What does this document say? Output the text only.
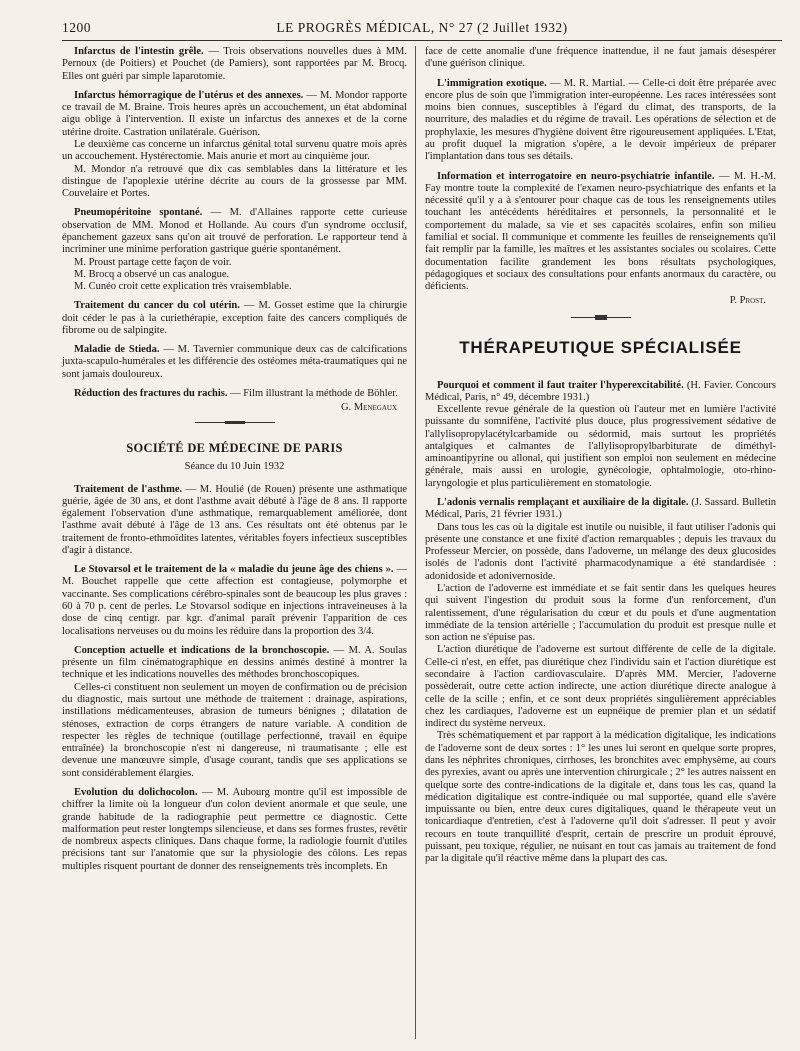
1200	LE PROGRÈS MÉDICAL, N° 27 (2 Juillet 1932)

Infarctus de l'intestin grêle. — Trois observations nouvelles dues à MM. Pernoux (de Poitiers) et Pouchet (de Pamiers), sont rapportées par M. Brocq. Elles ont guéri par simple laparotomie.

Infarctus hémorragique de l'utérus et des annexes. — M. Mondor rapporte ce travail de M. Braine. Trois heures après un accouchement, un état abdominal aigu oblige à l'intervention. Il existe un infarctus des annexes et de la corne utérine droite. Castration unilatérale. Guérison.

Le deuxième cas concerne un infarctus génital total survenu quatre mois après un accouchement. Hystérectomie. Mais anurie et mort au cinquième jour.

M. Mondor n'a retrouvé que dix cas semblables dans la littérature et les distingue de l'apoplexie utérine décrite au cours de la grossesse par MM. Couvelaire et Portes.

Pneumopéritoine spontané. — M. d'Allaines rapporte cette curieuse observation de MM. Monod et Hollande. Au cours d'un syndrome occlusif, épanchement gazeux sans qu'on ait trouvé de perforation. Le rapporteur tend à incriminer une minime perforation gastrique guérie spontanément.

M. Proust partage cette façon de voir.

M. Brocq a observé un cas analogue.

M. Cunéo croit cette explication très vraisemblable.

Traitement du cancer du col utérin. — M. Gosset estime que la chirurgie doit céder le pas à la curiethérapie, exception faite des cancers compliqués de fibrome ou de salpingite.

Maladie de Stieda. — M. Tavernier communique deux cas de calcifications juxta-scapulo-humérales et les différencie des ostéomes méta-traumatiques qui ne sont jamais douloureux.

Réduction des fractures du rachis. — Film illustrant la méthode de Böhler.

G. Menegaux
SOCIÉTÉ DE MÉDECINE DE PARIS
Séance du 10 Juin 1932

Traitement de l'asthme. — M. Houlié (de Rouen) présente une asthmatique guérie, âgée de 30 ans, et dont l'asthme avait débuté à l'âge de 8 ans. Il rapporte également l'observation d'une asthmatique, remarquablement améliorée, dont l'asthme avait débuté à l'âge de 13 ans. Ces résultats ont été obtenus par le traitement de fronto-ethmoïdites latentes, véritables foyers infectieux susceptibles d'agir à distance.

Le Stovarsol et le traitement de la « maladie du jeune âge des chiens ». — M. Bouchet rappelle que cette affection est contagieuse, polymorphe et vaccinante. Ses complications cérébro-spinales sont de beaucoup les plus graves : 60 à 70 p. cent de perles. Le Stovarsol sodique en injections intraveineuses à la dose de cinq centigr. par kgr. d'animal paraît prévenir l'apparition de ces localisations nerveuses ou du moins les réduire dans la proportion des 3/4.

Conception actuelle et indications de la bronchoscopie. — M. A. Soulas présente un film cinématographique en dessins animés destiné à montrer la technique et les indications nouvelles des méthodes bronchoscopiques.

Celles-ci constituent non seulement un moyen de confirmation ou de précision du diagnostic, mais surtout une méthode de traitement : drainage, aspirations, instillations médicamenteuses, abrasion de tumeurs bénignes ; dilatation de sténoses, extraction de corps étrangers de nature variable. A condition de respecter les règles de technique (outillage perfectionné, travail en équipe entraînée) la bronchoscopie n'est ni dangereuse, ni traumatisante ; elle est devenue une manœuvre simple, d'usage courant, tandis que ses applications se sont considérablement élargies.

Evolution du dolichocolon. — M. Aubourg montre qu'il est impossible de chiffrer la limite où la longueur d'un colon devient anormale et que seule, une grande habitude de la radiographie peut permettre ce diagnostic. Cette malformation peut rester longtemps silencieuse, et dans ses formes frustes, revêtir de nombreux aspects cliniques. Dans chaque forme, la radiologie fournit d'utiles précisions tant sur l'anatomie que sur la physiologie des côlons. Les repas multiples risquent pourtant de donner des renseignements très incomplets. En

face de cette anomalie d'une fréquence inattendue, il ne faut jamais désespérer d'une guérison clinique.

L'immigration exotique. — M. R. Martial. — Celle-ci doit être préparée avec encore plus de soin que l'immigration inter-européenne. Les races intéressées sont moins bien connues, susceptibles à l'égard du climat, des transports, de la nourriture, des maladies et du régime de travail. Les opérations de sélection et de prophylaxie, les mesures d'hygiène doivent être rigoureusement appliquées. L'Etat, au profit duquel la migration s'opère, a le devoir impérieux de préparer l'implantation dans tous ses détails.

Information et interrogatoire en neuro-psychiatrie infantile. — M. H.-M. Fay montre toute la complexité de l'examen neuro-psychiatrique des enfants et la nécessité qu'il y a à s'entourer pour chaque cas de tous les renseignements utiles touchant les antécédents héréditaires et personnels, la personnalité et le comportement du malade, sa vie et ses capacités scolaires, enfin son milieu familial et social. Il communique et commente les feuilles de renseignements qu'il fait remplir par la famille, les maîtres et les assistantes sociales ou scolaires. Cette documentation facilite grandement les bons résultats psychologiques, pédagogiques et sociaux des consultations pour enfants anormaux du caractère, ou déficients.

P. Prost.
THÉRAPEUTIQUE SPÉCIALISÉE

Pourquoi et comment il faut traiter l'hyperexcitabilité. (H. Favier. Concours Médical, Paris, n° 49, décembre 1931.)

Excellente revue générale de la question où l'auteur met en lumière l'activité puissante du somnifène, l'activité plus douce, plus progressivement sédative de l'allylisopropylacétylcarbamide ou sédormid, mais surtout les propriétés antalgiques et calmantes de l'allylisopropylbarbiturate de diméthyl-aminoantipyrine ou allonal, qui justifient son emploi non seulement en médecine générale, mais aussi en urologie, gynécologie, ophtalmologie, oto-rhino-laryngologie et plus particulièrement en stomatologie.

L'adonis vernalis remplaçant et auxiliaire de la digitale. (J. Sassard. Bulletin Médical, Paris, 21 février 1931.)

Dans tous les cas où la digitale est inutile ou nuisible, il faut utiliser l'adonis qui présente une constance et une fixité d'action remarquables ; depuis les travaux du Professeur Mercier, on possède, dans l'adoverne, un mélange des deux glucosides isolés de l'adonis dont l'activité pharmacodynamique a été standardisée : adonidoside et adonivernoside.

L'action de l'adoverne est immédiate et se fait sentir dans les quelques heures qui suivent l'ingestion du produit sous la forme d'un renforcement, d'un ralentissement, d'une régularisation du cœur et du pouls et d'une augmentation immédiate de la tension artérielle ; l'accumulation du produit est presque nulle et son action ne s'épuise pas.

L'action diurétique de l'adoverne est surtout différente de celle de la digitale. Celle-ci n'est, en effet, pas diurétique chez l'individu sain et l'action diurétique est secondaire à l'action cardiovasculaire. D'après MM. Mercier, l'adoverne possèderait, outre cette action indirecte, une action diurétique directe analogue à celle de la scille ; enfin, et ce sont deux propriétés singulièrement appréciables chez les cardiaques, l'adoverne est un eupnéique de premier plan et un sédatif indirect du système nerveux.

Très schématiquement et par rapport à la médication digitalique, les indications de l'adoverne sont de deux sortes : 1° les unes lui seront en quelque sorte propres, dans les néphrites chroniques, cirrhoses, les bronchites avec emphysème, au cours des pyrexies, avant ou après une intervention chirurgicale ; 2° les autres naissent en quelque sorte des contre-indications de la digitale et, dans tous les cas, quand la médication digitalique est contre-indiquée ou mal supportée, quand elle s'avère impuissante ou bien, entre deux cures digitaliques, quand le thérapeute veut un tonicardiaque d'entretien, c'est à l'adoverne qu'il doit s'adresser. Il peut y avoir recours en toute tranquillité d'esprit, certain de prescrire un produit éprouvé, puissant, peu toxique, régulier, ne nuisant en tout cas jamais au traitement de fond par la digitale qu'il réactive même dans la plupart des cas.
